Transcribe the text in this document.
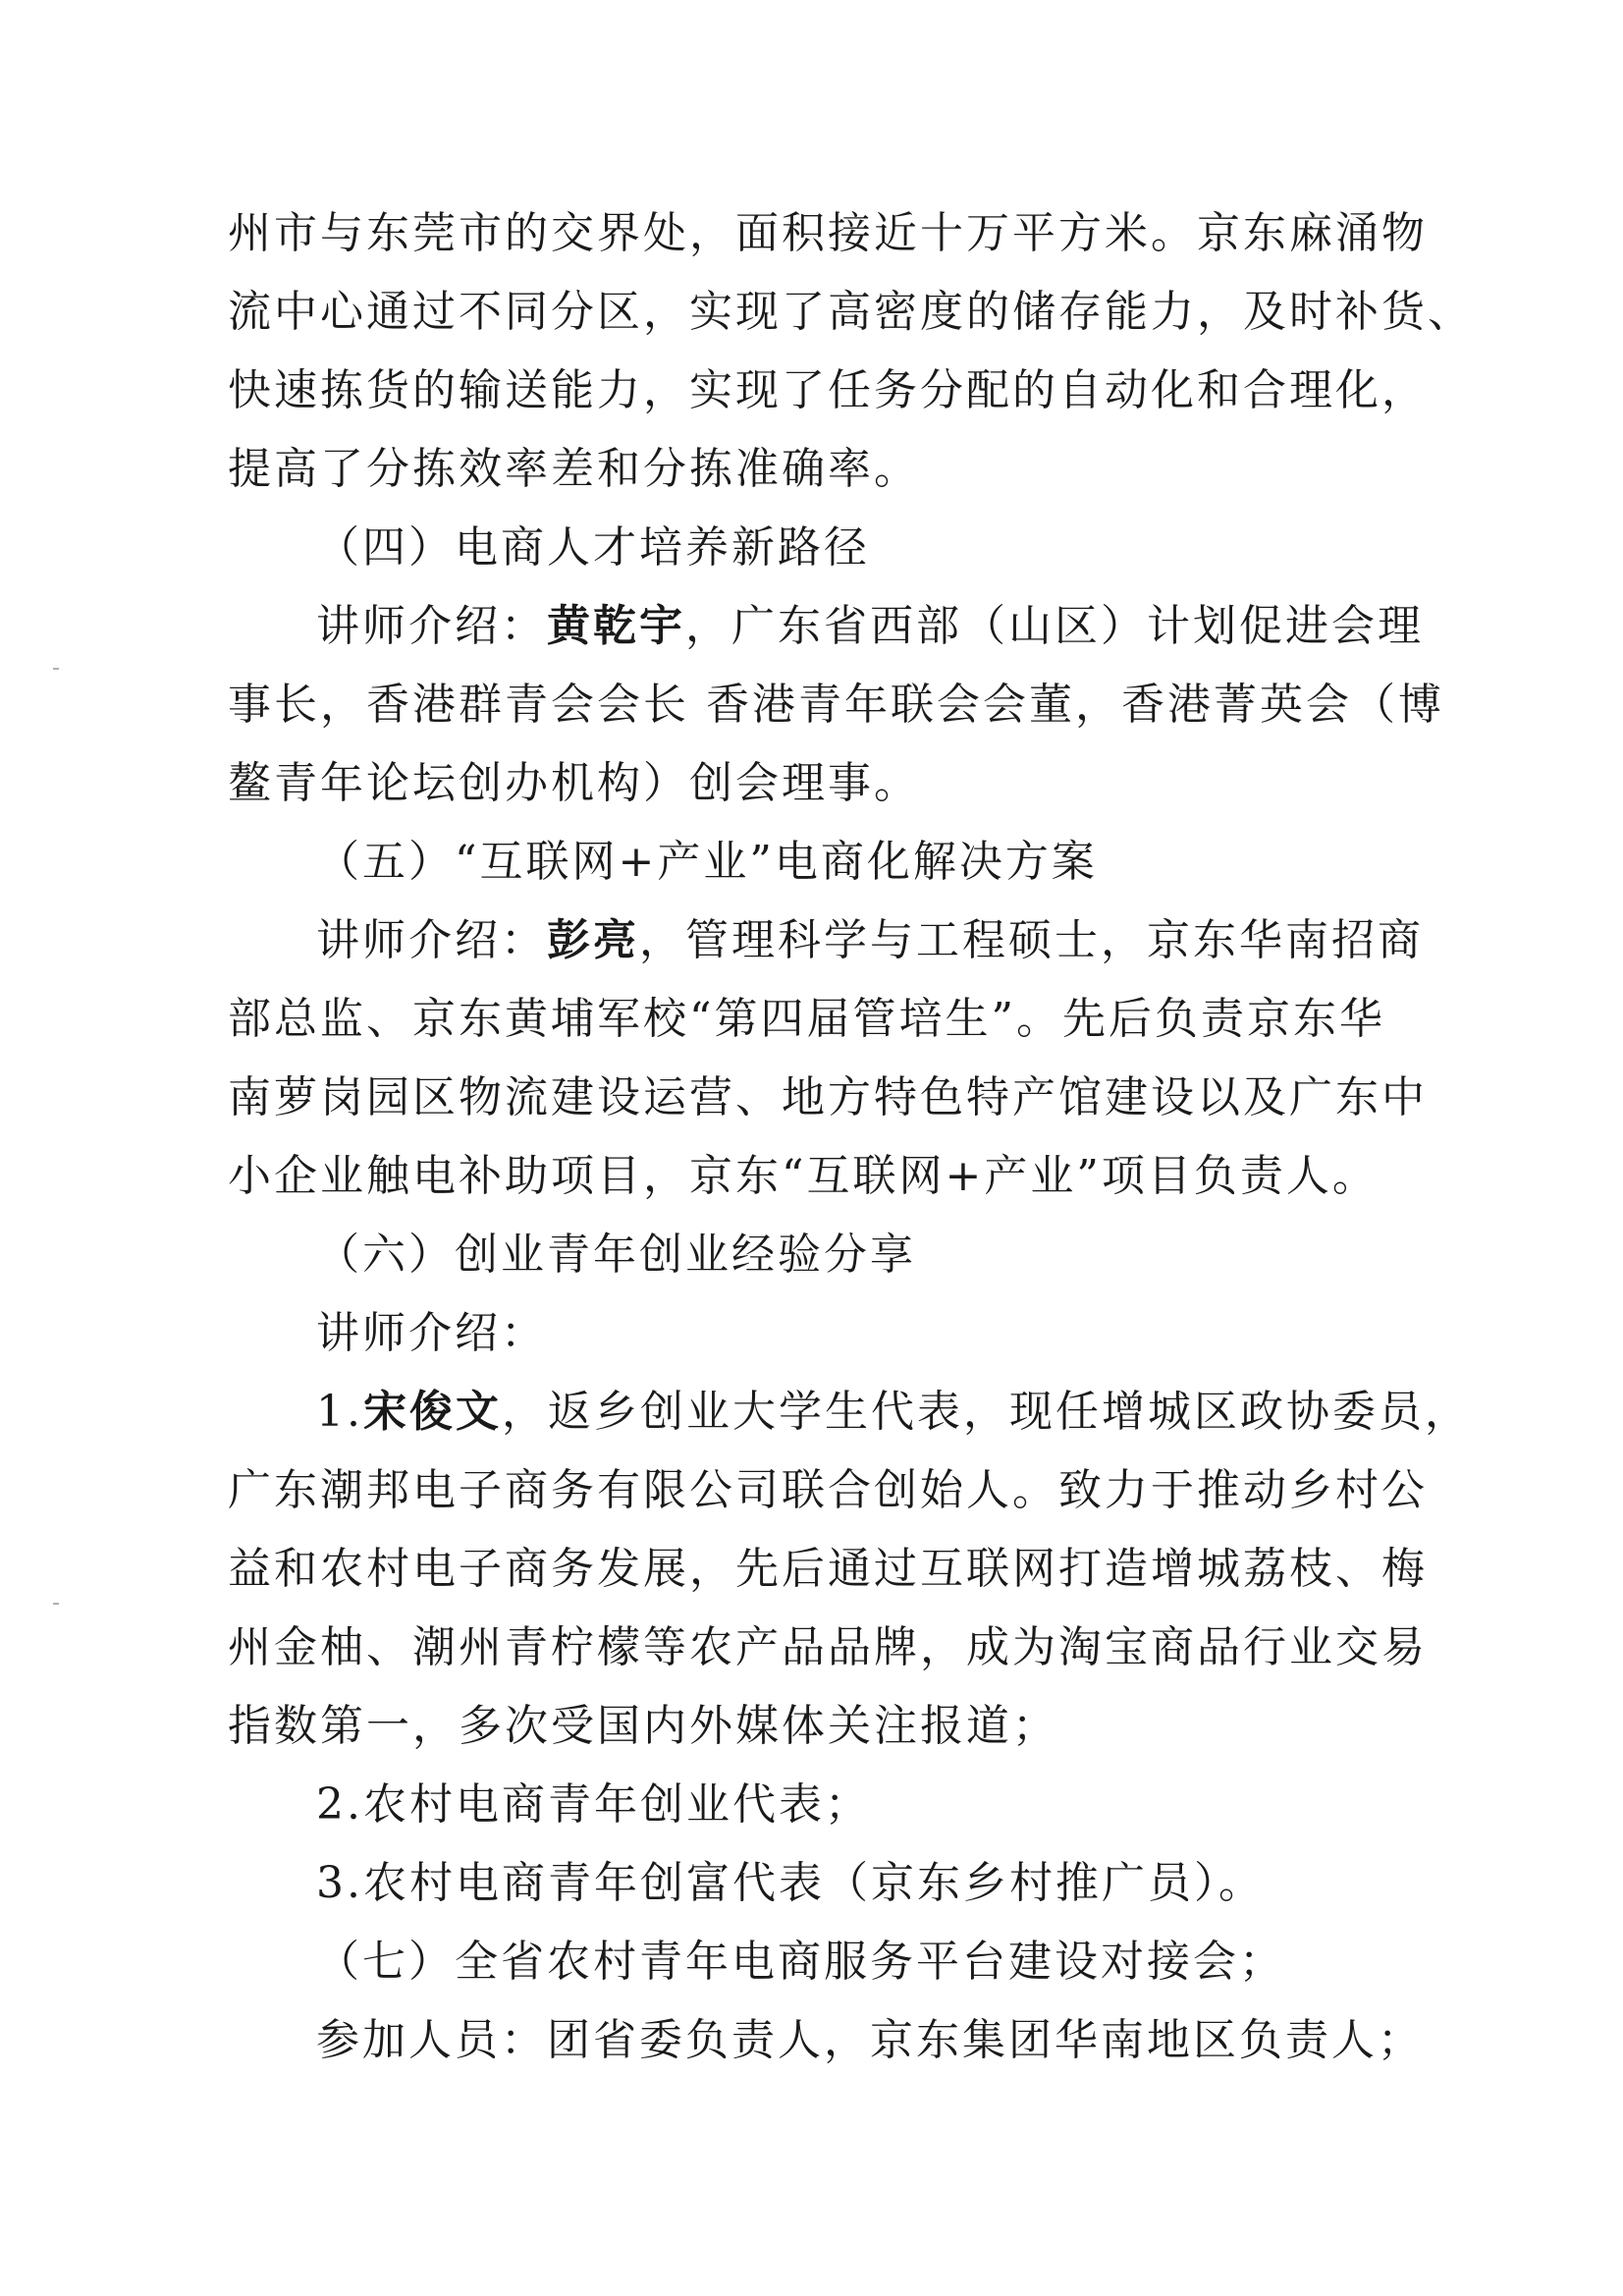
州市与东莞市的交界处，面积接近十万平方米。京东麻涌物
流中心通过不同分区，实现了高密度的储存能力，及时补货、
快速拣货的输送能力，实现了任务分配的自动化和合理化，
提高了分拣效率差和分拣准确率。
（四）电商人才培养新路径
讲师介绍：黄乾宇，广东省西部（山区）计划促进会理
事长，香港群青会会长 香港青年联会会董，香港菁英会（博
鳌青年论坛创办机构）创会理事。
（五）“互联网+产业”电商化解决方案
讲师介绍：彭亮，管理科学与工程硕士，京东华南招商
部总监、京东黄埔军校“第四届管培生”。先后负责京东华
南萝岗园区物流建设运营、地方特色特产馆建设以及广东中
小企业触电补助项目，京东“互联网+产业”项目负责人。
（六）创业青年创业经验分享
讲师介绍：
1.宋俊文，返乡创业大学生代表，现任增城区政协委员，
广东潮邦电子商务有限公司联合创始人。致力于推动乡村公
益和农村电子商务发展，先后通过互联网打造增城荔枝、梅
州金柚、潮州青柠檬等农产品品牌，成为淘宝商品行业交易
指数第一，多次受国内外媒体关注报道；
2.农村电商青年创业代表；
3.农村电商青年创富代表（京东乡村推广员）。
（七）全省农村青年电商服务平台建设对接会；
参加人员：团省委负责人，京东集团华南地区负责人；
